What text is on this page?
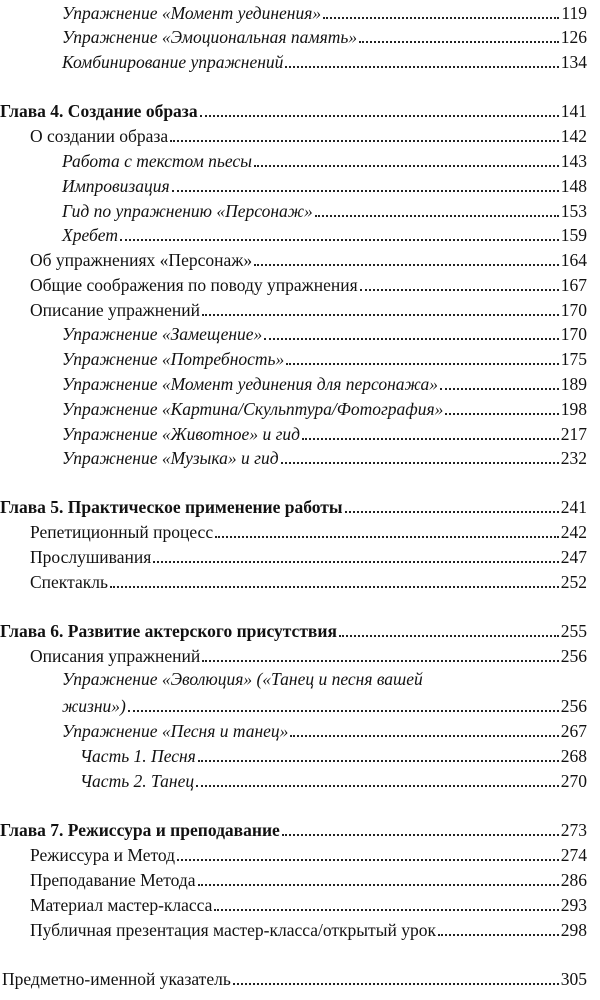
Упражнение «Момент уединения»	119
Упражнение «Эмоциональная память»	126
Комбинирование упражнений	134
Глава 4. Создание образа	141
О создании образа	142
Работа с текстом пьесы	143
Импровизация	148
Гид по упражнению «Персонаж»	153
Хребет	159
Об упражнениях «Персонаж»	164
Общие соображения по поводу упражнения	167
Описание упражнений	170
Упражнение «Замещение»	170
Упражнение «Потребность»	175
Упражнение «Момент уединения для персонажа»	189
Упражнение «Картина/Скульптура/Фотография»	198
Упражнение «Животное» и гид	217
Упражнение «Музыка» и гид	232
Глава 5. Практическое применение работы	241
Репетиционный процесс	242
Прослушивания	247
Спектакль	252
Глава 6. Развитие актерского присутствия	255
Описания упражнений	256
Упражнение «Эволюция» («Танец и песня вашей
жизни»)	256
Упражнение «Песня и танец»	267
Часть 1. Песня	268
Часть 2. Танец	270
Глава 7. Режиссура и преподавание	273
Режиссура и Метод	274
Преподавание Метода	286
Материал мастер-класса	293
Публичная презентация мастер-класса/открытый урок	298
Предметно-именной указатель	305
